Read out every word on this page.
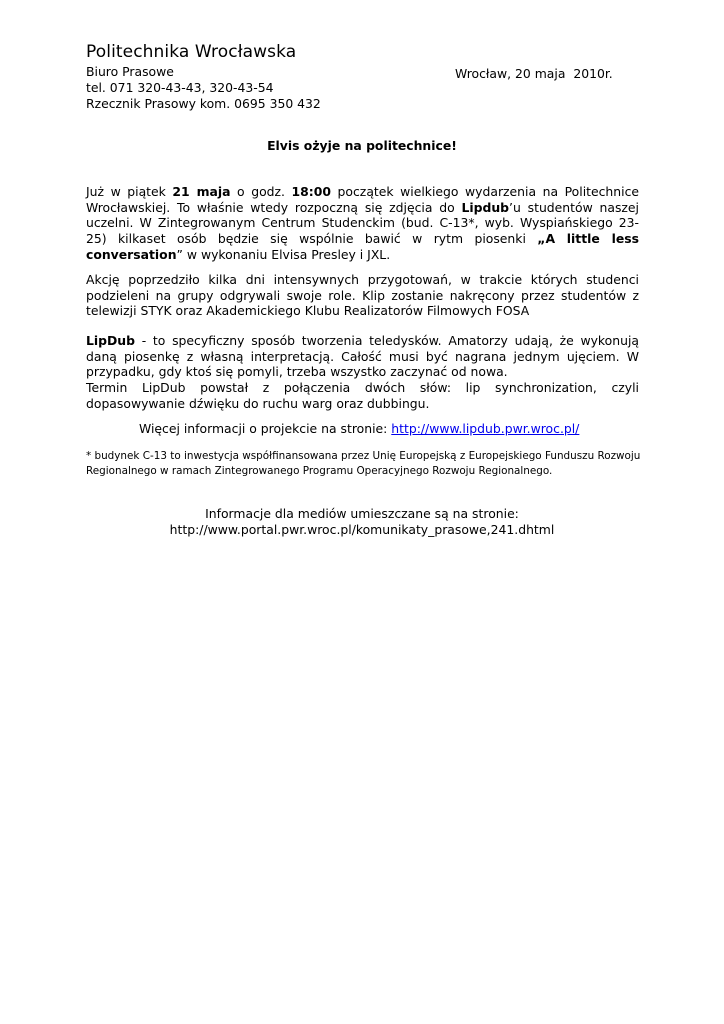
Politechnika Wrocławska
Biuro Prasowe
tel. 071 320-43-43, 320-43-54
Rzecznik Prasowy kom. 0695 350 432
Wrocław, 20 maja  2010r.
Elvis ożyje na politechnice!

Już w piątek 21 maja o godz. 18:00 początek wielkiego wydarzenia na Politechnice Wrocławskiej. To właśnie wtedy rozpoczną się zdjęcia do Lipdub’u studentów naszej uczelni. W Zintegrowanym Centrum Studenckim (bud. C-13*, wyb. Wyspiańskiego 23-25) kilkaset osób będzie się wspólnie bawić w rytm piosenki „A little less conversation” w wykonaniu Elvisa Presley i JXL.

Akcję poprzedziło kilka dni intensywnych przygotowań, w trakcie których studenci podzieleni na grupy odgrywali swoje role. Klip zostanie nakręcony przez studentów z telewizji STYK oraz Akademickiego Klubu Realizatorów Filmowych FOSA

LipDub - to specyficzny sposób tworzenia teledysków. Amatorzy udają, że wykonują daną piosenkę z własną interpretacją. Całość musi być nagrana jednym ujęciem. W przypadku, gdy ktoś się pomyli, trzeba wszystko zaczynać od nowa.

Termin LipDub powstał z połączenia dwóch słów: lip synchronization, czyli dopasowywanie dźwięku do ruchu warg oraz dubbingu.

Więcej informacji o projekcie na stronie: http://www.lipdub.pwr.wroc.pl/
* budynek C-13 to inwestycja współfinansowana przez Unię Europejską z Europejskiego Funduszu Rozwoju Regionalnego w ramach Zintegrowanego Programu Operacyjnego Rozwoju Regionalnego.
Informacje dla mediów umieszczane są na stronie:
http://www.portal.pwr.wroc.pl/komunikaty_prasowe,241.dhtml
